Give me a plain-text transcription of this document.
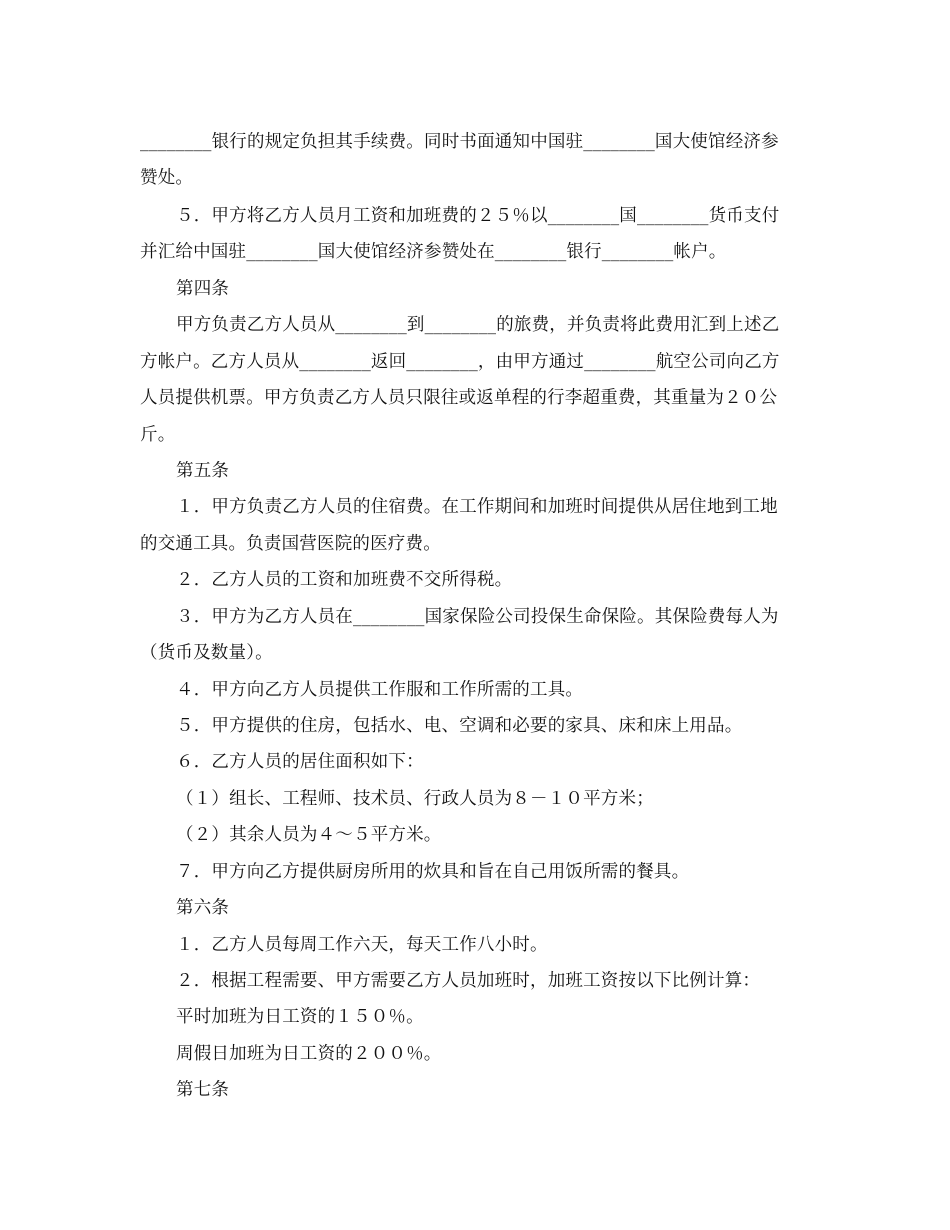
________银行的规定负担其手续费。同时书面通知中国驻________国大使馆经济参
赞处。
５．甲方将乙方人员月工资和加班费的２５％以________国________货币支付
并汇给中国驻________国大使馆经济参赞处在________银行________帐户。
第四条
甲方负责乙方人员从________到________的旅费，并负责将此费用汇到上述乙
方帐户。乙方人员从________返回________，由甲方通过________航空公司向乙方
人员提供机票。甲方负责乙方人员只限往或返单程的行李超重费，其重量为２０公
斤。
第五条
１．甲方负责乙方人员的住宿费。在工作期间和加班时间提供从居住地到工地
的交通工具。负责国营医院的医疗费。
２．乙方人员的工资和加班费不交所得税。
３．甲方为乙方人员在________国家保险公司投保生命保险。其保险费每人为
（货币及数量）。
４．甲方向乙方人员提供工作服和工作所需的工具。
５．甲方提供的住房，包括水、电、空调和必要的家具、床和床上用品。
６．乙方人员的居住面积如下：
（１）组长、工程师、技术员、行政人员为８－１０平方米；
（２）其余人员为４～５平方米。
７．甲方向乙方提供厨房所用的炊具和旨在自己用饭所需的餐具。
第六条
１．乙方人员每周工作六天，每天工作八小时。
２．根据工程需要、甲方需要乙方人员加班时，加班工资按以下比例计算：
平时加班为日工资的１５０％。
周假日加班为日工资的２００％。
第七条
